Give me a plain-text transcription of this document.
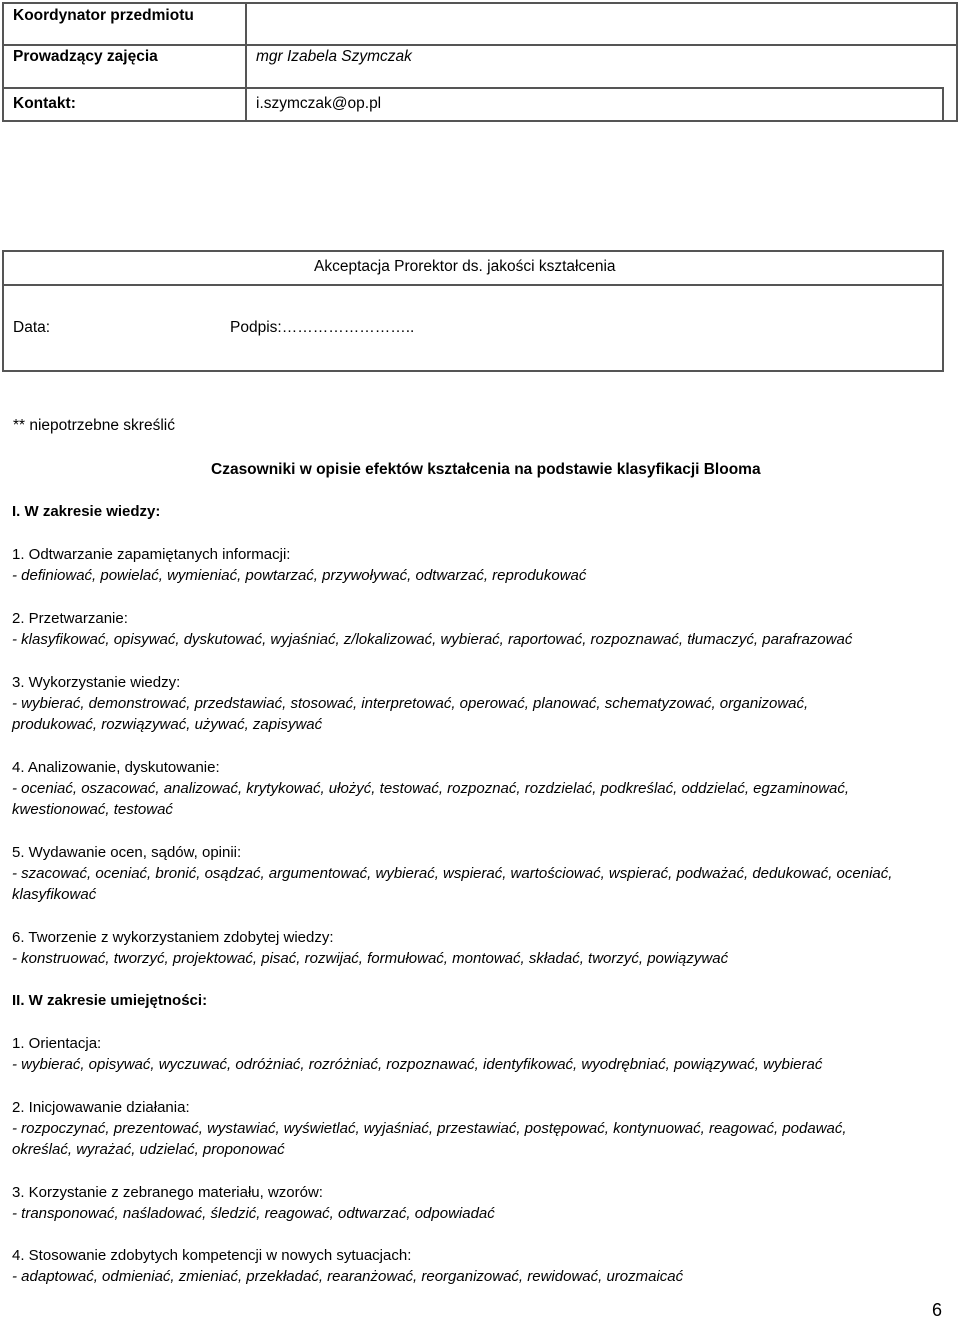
Koordynator przedmiotu
Prowadzący zajęcia	mgr Izabela Szymczak
Kontakt:	i.szymczak@op.pl
Akceptacja Prorektor ds. jakości kształcenia
Data:	Podpis:……………………..
** niepotrzebne skreślić
Czasowniki w opisie efektów kształcenia na podstawie klasyfikacji Blooma
I. W zakresie wiedzy:
1. Odtwarzanie zapamiętanych informacji:
- definiować, powielać, wymieniać, powtarzać, przywoływać, odtwarzać, reprodukować
2. Przetwarzanie:
- klasyfikować, opisywać, dyskutować, wyjaśniać, z/lokalizować, wybierać, raportować, rozpoznawać, tłumaczyć, parafrazować
3. Wykorzystanie wiedzy:
- wybierać, demonstrować, przedstawiać, stosować, interpretować, operować, planować, schematyzować, organizować,
produkować, rozwiązywać, używać, zapisywać
4. Analizowanie, dyskutowanie:
- oceniać, oszacować, analizować, krytykować, ułożyć, testować, rozpoznać, rozdzielać, podkreślać, oddzielać, egzaminować,
kwestionować, testować
5. Wydawanie ocen, sądów, opinii:
- szacować, oceniać, bronić, osądzać, argumentować, wybierać, wspierać, wartościować, wspierać, podważać, dedukować, oceniać,
klasyfikować
6. Tworzenie z wykorzystaniem zdobytej wiedzy:
- konstruować, tworzyć, projektować, pisać, rozwijać, formułować, montować, składać, tworzyć, powiązywać
II. W zakresie umiejętności:
1. Orientacja:
- wybierać, opisywać, wyczuwać, odróżniać, rozróżniać, rozpoznawać, identyfikować, wyodrębniać, powiązywać, wybierać
2. Inicjowawanie działania:
- rozpoczynać, prezentować, wystawiać, wyświetlać, wyjaśniać, przestawiać, postępować, kontynuować, reagować, podawać,
określać, wyrażać, udzielać, proponować
3. Korzystanie z zebranego materiału, wzorów:
- transponować, naśladować, śledzić, reagować, odtwarzać, odpowiadać
4. Stosowanie zdobytych kompetencji w nowych sytuacjach:
- adaptować, odmieniać, zmieniać, przekładać, rearanżować, reorganizować, rewidować, urozmaicać
6
